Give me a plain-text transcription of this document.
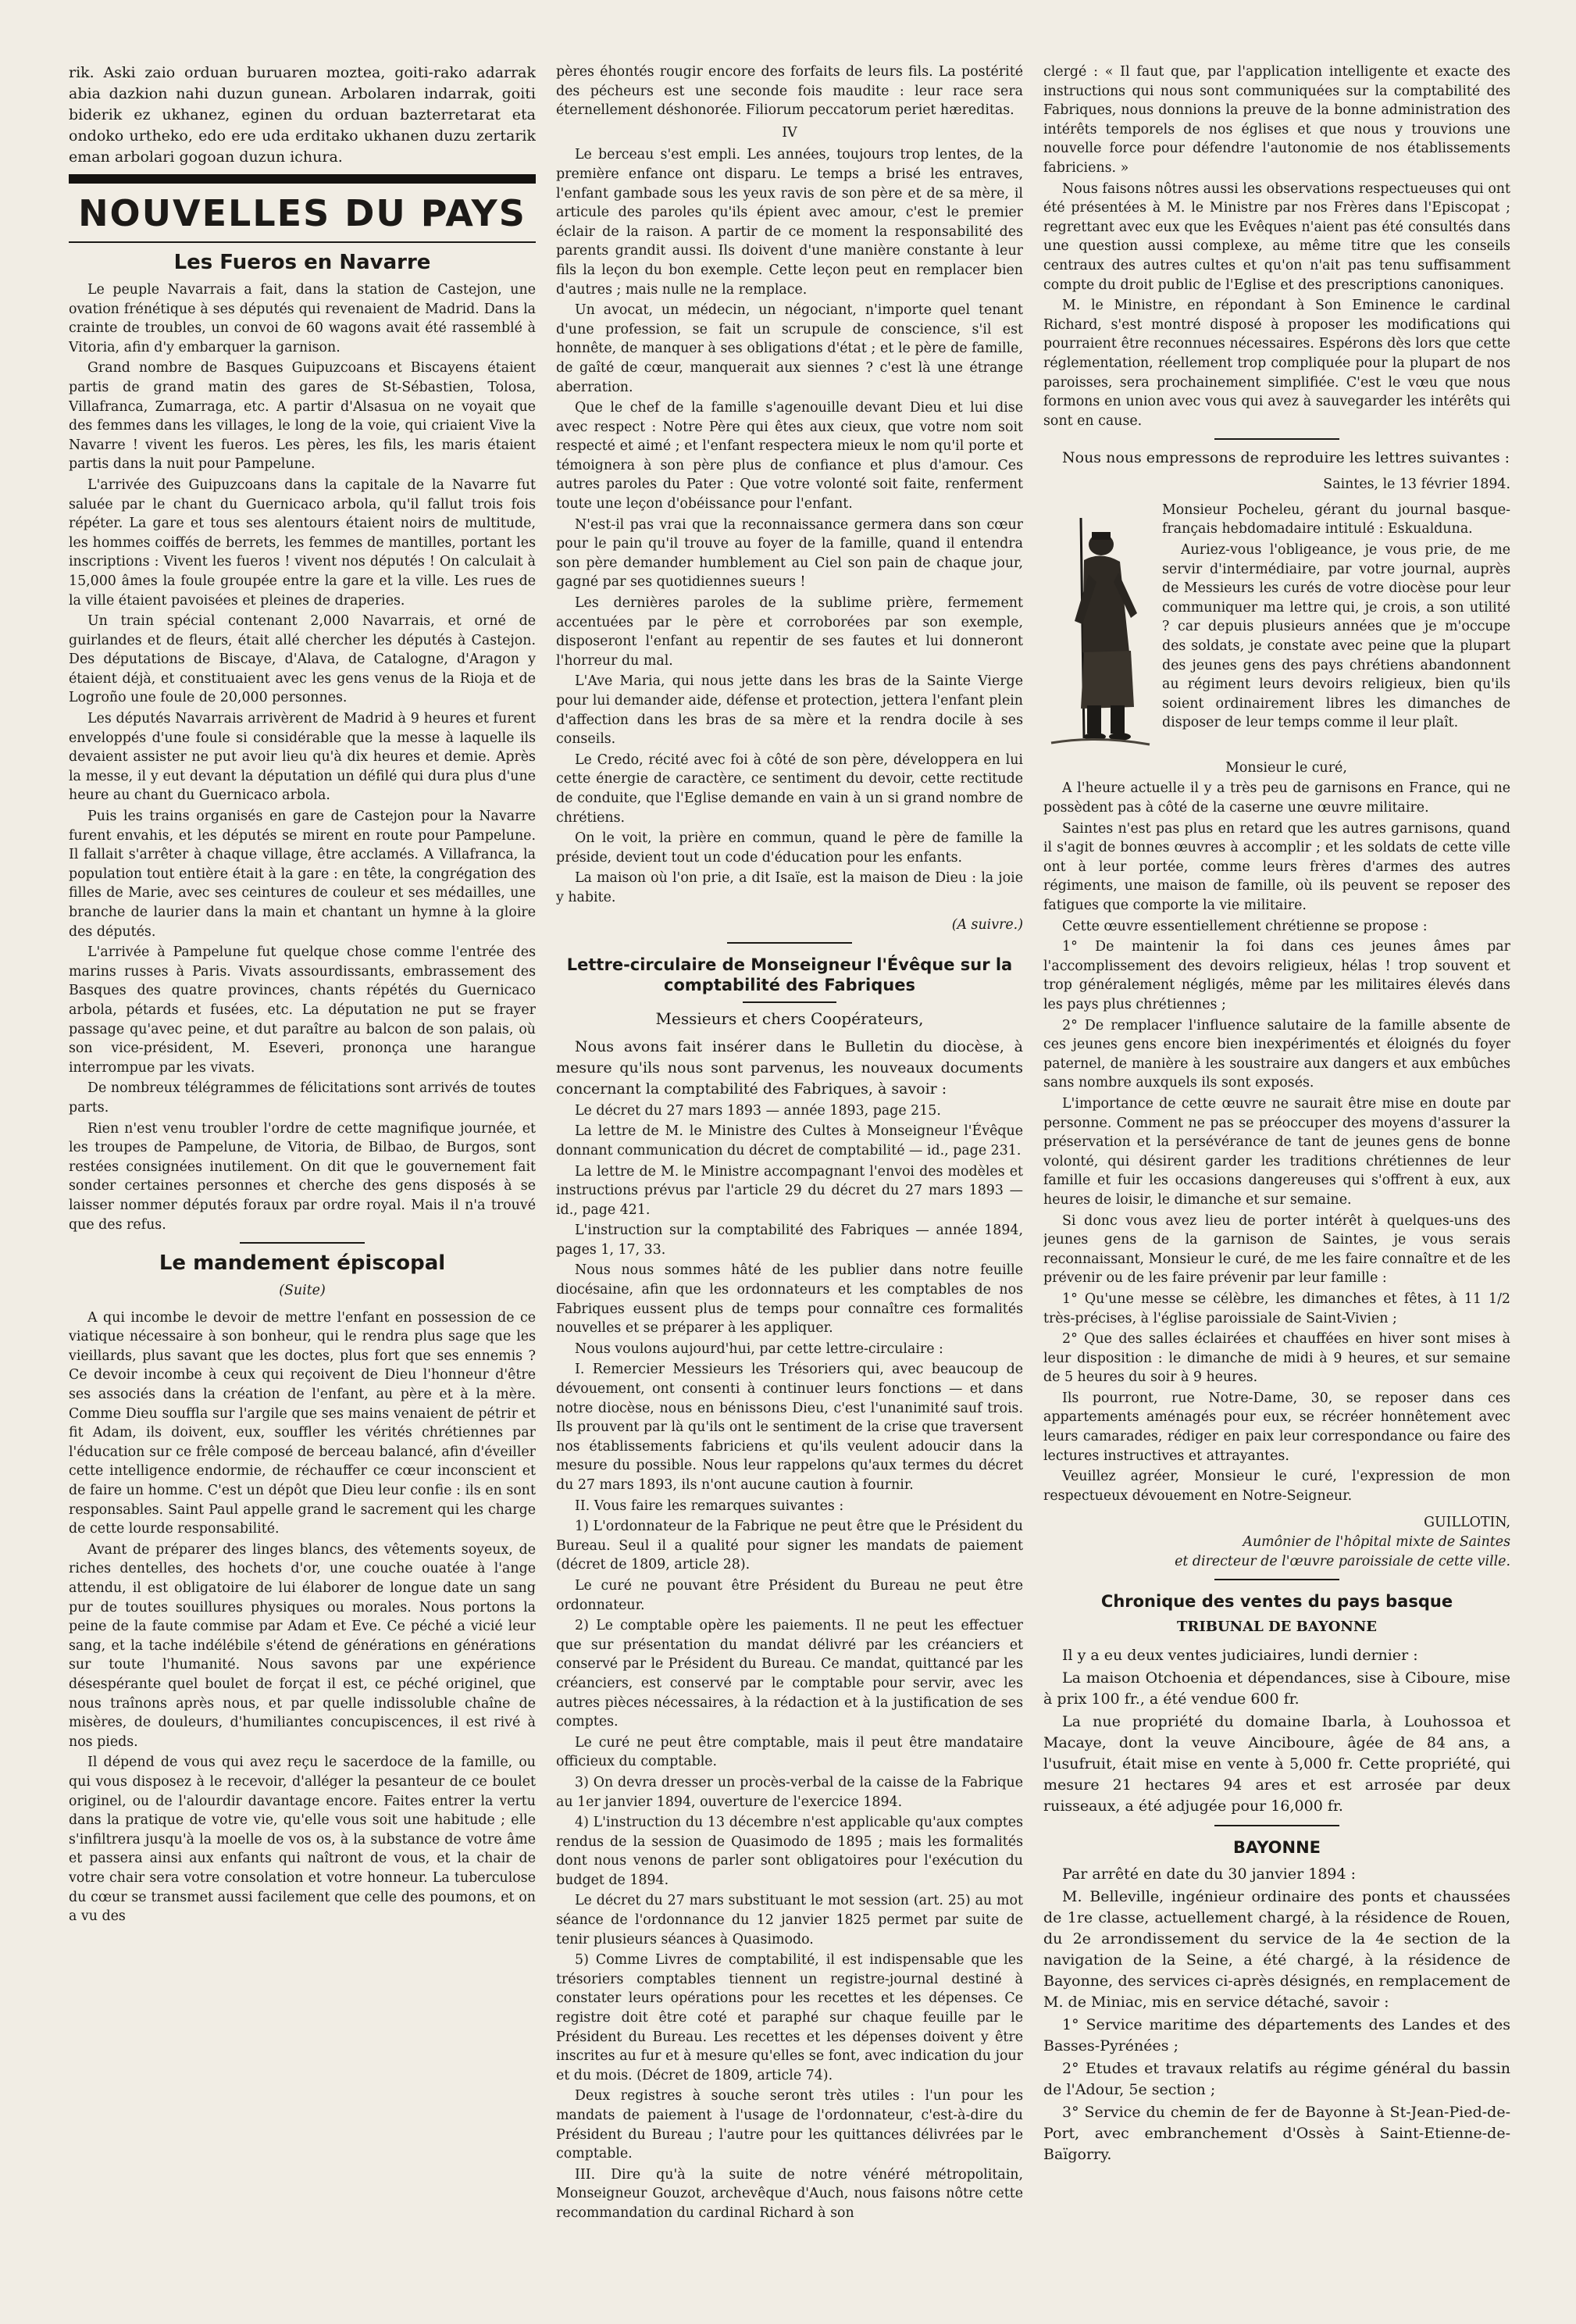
rik. Aski zaio orduan buruaren moztea, goiti-rako adarrak abia dazkion nahi duzun gunean. Arbolaren indarrak, goiti biderik ez ukhanez, eginen du orduan bazterretarat eta ondoko urtheko, edo ere uda erditako ukhanen duzu zertarik eman arbolari gogoan duzun ichura.

NOUVELLES DU PAYS
Les Fueros en Navarre

Le peuple Navarrais a fait, dans la station de Castejon, une ovation frénétique à ses députés qui revenaient de Madrid. Dans la crainte de troubles, un convoi de 60 wagons avait été rassemblé à Vitoria, afin d'y embarquer la garnison.

Grand nombre de Basques Guipuzcoans et Biscayens étaient partis de grand matin des gares de St-Sébastien, Tolosa, Villafranca, Zumarraga, etc. A partir d'Alsasua on ne voyait que des femmes dans les villages, le long de la voie, qui criaient Vive la Navarre ! vivent les fueros. Les pères, les fils, les maris étaient partis dans la nuit pour Pampelune.

L'arrivée des Guipuzcoans dans la capitale de la Navarre fut saluée par le chant du Guernicaco arbola, qu'il fallut trois fois répéter. La gare et tous ses alentours étaient noirs de multitude, les hommes coiffés de berrets, les femmes de mantilles, portant les inscriptions : Vivent les fueros ! vivent nos députés ! On calculait à 15,000 âmes la foule groupée entre la gare et la ville. Les rues de la ville étaient pavoisées et pleines de draperies.

Un train spécial contenant 2,000 Navarrais, et orné de guirlandes et de fleurs, était allé chercher les députés à Castejon. Des députations de Biscaye, d'Alava, de Catalogne, d'Aragon y étaient déjà, et constituaient avec les gens venus de la Rioja et de Logroño une foule de 20,000 personnes.

Les députés Navarrais arrivèrent de Madrid à 9 heures et furent enveloppés d'une foule si considérable que la messe à laquelle ils devaient assister ne put avoir lieu qu'à dix heures et demie. Après la messe, il y eut devant la députation un défilé qui dura plus d'une heure au chant du Guernicaco arbola.

Puis les trains organisés en gare de Castejon pour la Navarre furent envahis, et les députés se mirent en route pour Pampelune. Il fallait s'arrêter à chaque village, être acclamés. A Villafranca, la population tout entière était à la gare : en tête, la congrégation des filles de Marie, avec ses ceintures de couleur et ses médailles, une branche de laurier dans la main et chantant un hymne à la gloire des députés.

L'arrivée à Pampelune fut quelque chose comme l'entrée des marins russes à Paris. Vivats assourdissants, embrassement des Basques des quatre provinces, chants répétés du Guernicaco arbola, pétards et fusées, etc. La députation ne put se frayer passage qu'avec peine, et dut paraître au balcon de son palais, où son vice-président, M. Eseveri, prononça une harangue interrompue par les vivats.

De nombreux télégrammes de félicitations sont arrivés de toutes parts.

Rien n'est venu troubler l'ordre de cette magnifique journée, et les troupes de Pampelune, de Vitoria, de Bilbao, de Burgos, sont restées consignées inutilement. On dit que le gouvernement fait sonder certaines personnes et cherche des gens disposés à se laisser nommer députés foraux par ordre royal. Mais il n'a trouvé que des refus.

Le mandement épiscopal
(Suite)

A qui incombe le devoir de mettre l'enfant en possession de ce viatique nécessaire à son bonheur, qui le rendra plus sage que les vieillards, plus savant que les doctes, plus fort que ses ennemis ? Ce devoir incombe à ceux qui reçoivent de Dieu l'honneur d'être ses associés dans la création de l'enfant, au père et à la mère. Comme Dieu souffla sur l'argile que ses mains venaient de pétrir et fit Adam, ils doivent, eux, souffler les vérités chrétiennes par l'éducation sur ce frêle composé de berceau balancé, afin d'éveiller cette intelligence endormie, de réchauffer ce cœur inconscient et de faire un homme. C'est un dépôt que Dieu leur confie : ils en sont responsables. Saint Paul appelle grand le sacrement qui les charge de cette lourde responsabilité.

Avant de préparer des linges blancs, des vêtements soyeux, de riches dentelles, des hochets d'or, une couche ouatée à l'ange attendu, il est obligatoire de lui élaborer de longue date un sang pur de toutes souillures physiques ou morales. Nous portons la peine de la faute commise par Adam et Eve. Ce péché a vicié leur sang, et la tache indélébile s'étend de générations en générations sur toute l'humanité. Nous savons par une expérience désespérante quel boulet de forçat il est, ce péché originel, que nous traînons après nous, et par quelle indissoluble chaîne de misères, de douleurs, d'humiliantes concupiscences, il est rivé à nos pieds.

Il dépend de vous qui avez reçu le sacerdoce de la famille, ou qui vous disposez à le recevoir, d'alléger la pesanteur de ce boulet originel, ou de l'alourdir davantage encore. Faites entrer la vertu dans la pratique de votre vie, qu'elle vous soit une habitude ; elle s'infiltrera jusqu'à la moelle de vos os, à la substance de votre âme et passera ainsi aux enfants qui naîtront de vous, et la chair de votre chair sera votre consolation et votre honneur. La tuberculose du cœur se transmet aussi facilement que celle des poumons, et on a vu des

pères éhontés rougir encore des forfaits de leurs fils. La postérité des pécheurs est une seconde fois maudite : leur race sera éternellement déshonorée. Filiorum peccatorum periet hæreditas.

IV

Le berceau s'est empli. Les années, toujours trop lentes, de la première enfance ont disparu. Le temps a brisé les entraves, l'enfant gambade sous les yeux ravis de son père et de sa mère, il articule des paroles qu'ils épient avec amour, c'est le premier éclair de la raison. A partir de ce moment la responsabilité des parents grandit aussi. Ils doivent d'une manière constante à leur fils la leçon du bon exemple. Cette leçon peut en remplacer bien d'autres ; mais nulle ne la remplace.

Un avocat, un médecin, un négociant, n'importe quel tenant d'une profession, se fait un scrupule de conscience, s'il est honnête, de manquer à ses obligations d'état ; et le père de famille, de gaîté de cœur, manquerait aux siennes ? c'est là une étrange aberration.

Que le chef de la famille s'agenouille devant Dieu et lui dise avec respect : Notre Père qui êtes aux cieux, que votre nom soit respecté et aimé ; et l'enfant respectera mieux le nom qu'il porte et témoignera à son père plus de confiance et plus d'amour. Ces autres paroles du Pater : Que votre volonté soit faite, renferment toute une leçon d'obéissance pour l'enfant.

N'est-il pas vrai que la reconnaissance germera dans son cœur pour le pain qu'il trouve au foyer de la famille, quand il entendra son père demander humblement au Ciel son pain de chaque jour, gagné par ses quotidiennes sueurs !

Les dernières paroles de la sublime prière, fermement accentuées par le père et corroborées par son exemple, disposeront l'enfant au repentir de ses fautes et lui donneront l'horreur du mal.

L'Ave Maria, qui nous jette dans les bras de la Sainte Vierge pour lui demander aide, défense et protection, jettera l'enfant plein d'affection dans les bras de sa mère et la rendra docile à ses conseils.

Le Credo, récité avec foi à côté de son père, développera en lui cette énergie de caractère, ce sentiment du devoir, cette rectitude de conduite, que l'Eglise demande en vain à un si grand nombre de chrétiens.

On le voit, la prière en commun, quand le père de famille la préside, devient tout un code d'éducation pour les enfants.

La maison où l'on prie, a dit Isaïe, est la maison de Dieu : la joie y habite.

(A suivre.)
Lettre-circulaire de Monseigneur l'Évêque sur la comptabilité des Fabriques
Messieurs et chers Coopérateurs,

Nous avons fait insérer dans le Bulletin du diocèse, à mesure qu'ils nous sont parvenus, les nouveaux documents concernant la comptabilité des Fabriques, à savoir :

Le décret du 27 mars 1893 — année 1893, page 215.

La lettre de M. le Ministre des Cultes à Monseigneur l'Évêque donnant communication du décret de comptabilité — id., page 231.

La lettre de M. le Ministre accompagnant l'envoi des modèles et instructions prévus par l'article 29 du décret du 27 mars 1893 — id., page 421.

L'instruction sur la comptabilité des Fabriques — année 1894, pages 1, 17, 33.

Nous nous sommes hâté de les publier dans notre feuille diocésaine, afin que les ordonnateurs et les comptables de nos Fabriques eussent plus de temps pour connaître ces formalités nouvelles et se préparer à les appliquer.

Nous voulons aujourd'hui, par cette lettre-circulaire :

I. Remercier Messieurs les Trésoriers qui, avec beaucoup de dévouement, ont consenti à continuer leurs fonctions — et dans notre diocèse, nous en bénissons Dieu, c'est l'unanimité sauf trois. Ils prouvent par là qu'ils ont le sentiment de la crise que traversent nos établissements fabriciens et qu'ils veulent adoucir dans la mesure du possible. Nous leur rappelons qu'aux termes du décret du 27 mars 1893, ils n'ont aucune caution à fournir.

II. Vous faire les remarques suivantes :

1) L'ordonnateur de la Fabrique ne peut être que le Président du Bureau. Seul il a qualité pour signer les mandats de paiement (décret de 1809, article 28).

Le curé ne pouvant être Président du Bureau ne peut être ordonnateur.

2) Le comptable opère les paiements. Il ne peut les effectuer que sur présentation du mandat délivré par les créanciers et conservé par le Président du Bureau. Ce mandat, quittancé par les créanciers, est conservé par le comptable pour servir, avec les autres pièces nécessaires, à la rédaction et à la justification de ses comptes.

Le curé ne peut être comptable, mais il peut être mandataire officieux du comptable.

3) On devra dresser un procès-verbal de la caisse de la Fabrique au 1er janvier 1894, ouverture de l'exercice 1894.

4) L'instruction du 13 décembre n'est applicable qu'aux comptes rendus de la session de Quasimodo de 1895 ; mais les formalités dont nous venons de parler sont obligatoires pour l'exécution du budget de 1894.

Le décret du 27 mars substituant le mot session (art. 25) au mot séance de l'ordonnance du 12 janvier 1825 permet par suite de tenir plusieurs séances à Quasimodo.

5) Comme Livres de comptabilité, il est indispensable que les trésoriers comptables tiennent un registre-journal destiné à constater leurs opérations pour les recettes et les dépenses. Ce registre doit être coté et paraphé sur chaque feuille par le Président du Bureau. Les recettes et les dépenses doivent y être inscrites au fur et à mesure qu'elles se font, avec indication du jour et du mois. (Décret de 1809, article 74).

Deux registres à souche seront très utiles : l'un pour les mandats de paiement à l'usage de l'ordonnateur, c'est-à-dire du Président du Bureau ; l'autre pour les quittances délivrées par le comptable.

III. Dire qu'à la suite de notre vénéré métropolitain, Monseigneur Gouzot, archevêque d'Auch, nous faisons nôtre cette recommandation du cardinal Richard à son

clergé : « Il faut que, par l'application intelligente et exacte des instructions qui nous sont communiquées sur la comptabilité des Fabriques, nous donnions la preuve de la bonne administration des intérêts temporels de nos églises et que nous y trouvions une nouvelle force pour défendre l'autonomie de nos établissements fabriciens. »

Nous faisons nôtres aussi les observations respectueuses qui ont été présentées à M. le Ministre par nos Frères dans l'Episcopat ; regrettant avec eux que les Evêques n'aient pas été consultés dans une question aussi complexe, au même titre que les conseils centraux des autres cultes et qu'on n'ait pas tenu suffisamment compte du droit public de l'Eglise et des prescriptions canoniques.

M. le Ministre, en répondant à Son Eminence le cardinal Richard, s'est montré disposé à proposer les modifications qui pourraient être reconnues nécessaires. Espérons dès lors que cette réglementation, réellement trop compliquée pour la plupart de nos paroisses, sera prochainement simplifiée. C'est le vœu que nous formons en union avec vous qui avez à sauvegarder les intérêts qui sont en cause.

Nous nous empressons de reproduire les lettres suivantes :

Saintes, le 13 février 1894.

Monsieur Pocheleu, gérant du journal basque-français hebdomadaire intitulé : Eskualduna.

Auriez-vous l'obligeance, je vous prie, de me servir d'intermédiaire, par votre journal, auprès de Messieurs les curés de votre diocèse pour leur communiquer ma lettre qui, je crois, a son utilité ? car depuis plusieurs années que je m'occupe des soldats, je constate avec peine que la plupart des jeunes gens des pays chrétiens abandonnent au régiment leurs devoirs religieux, bien qu'ils soient ordinairement libres les dimanches de disposer de leur temps comme il leur plaît.

Monsieur le curé,

A l'heure actuelle il y a très peu de garnisons en France, qui ne possèdent pas à côté de la caserne une œuvre militaire.

Saintes n'est pas plus en retard que les autres garnisons, quand il s'agit de bonnes œuvres à accomplir ; et les soldats de cette ville ont à leur portée, comme leurs frères d'armes des autres régiments, une maison de famille, où ils peuvent se reposer des fatigues que comporte la vie militaire.

Cette œuvre essentiellement chrétienne se propose :

1° De maintenir la foi dans ces jeunes âmes par l'accomplissement des devoirs religieux, hélas ! trop souvent et trop généralement négligés, même par les militaires élevés dans les pays plus chrétiennes ;

2° De remplacer l'influence salutaire de la famille absente de ces jeunes gens encore bien inexpérimentés et éloignés du foyer paternel, de manière à les soustraire aux dangers et aux embûches sans nombre auxquels ils sont exposés.

L'importance de cette œuvre ne saurait être mise en doute par personne. Comment ne pas se préoccuper des moyens d'assurer la préservation et la persévérance de tant de jeunes gens de bonne volonté, qui désirent garder les traditions chrétiennes de leur famille et fuir les occasions dangereuses qui s'offrent à eux, aux heures de loisir, le dimanche et sur semaine.

Si donc vous avez lieu de porter intérêt à quelques-uns des jeunes gens de la garnison de Saintes, je vous serais reconnaissant, Monsieur le curé, de me les faire connaître et de les prévenir ou de les faire prévenir par leur famille :

1° Qu'une messe se célèbre, les dimanches et fêtes, à 11 1/2 très-précises, à l'église paroissiale de Saint-Vivien ;

2° Que des salles éclairées et chauffées en hiver sont mises à leur disposition : le dimanche de midi à 9 heures, et sur semaine de 5 heures du soir à 9 heures.

Ils pourront, rue Notre-Dame, 30, se reposer dans ces appartements aménagés pour eux, se récréer honnêtement avec leurs camarades, rédiger en paix leur correspondance ou faire des lectures instructives et attrayantes.

Veuillez agréer, Monsieur le curé, l'expression de mon respectueux dévouement en Notre-Seigneur.

GUILLOTIN,
Aumônier de l'hôpital mixte de Saintes
et directeur de l'œuvre paroissiale de cette ville.
Chronique des ventes du pays basque
TRIBUNAL DE BAYONNE

Il y a eu deux ventes judiciaires, lundi dernier :

La maison Otchoenia et dépendances, sise à Ciboure, mise à prix 100 fr., a été vendue 600 fr.

La nue propriété du domaine Ibarla, à Louhossoa et Macaye, dont la veuve Ainciboure, âgée de 84 ans, a l'usufruit, était mise en vente à 5,000 fr. Cette propriété, qui mesure 21 hectares 94 ares et est arrosée par deux ruisseaux, a été adjugée pour 16,000 fr.

BAYONNE

Par arrêté en date du 30 janvier 1894 :

M. Belleville, ingénieur ordinaire des ponts et chaussées de 1re classe, actuellement chargé, à la résidence de Rouen, du 2e arrondissement du service de la 4e section de la navigation de la Seine, a été chargé, à la résidence de Bayonne, des services ci-après désignés, en remplacement de M. de Miniac, mis en service détaché, savoir :

1° Service maritime des départements des Landes et des Basses-Pyrénées ;

2° Etudes et travaux relatifs au régime général du bassin de l'Adour, 5e section ;

3° Service du chemin de fer de Bayonne à St-Jean-Pied-de-Port, avec embranchement d'Ossès à Saint-Etienne-de-Baïgorry.
